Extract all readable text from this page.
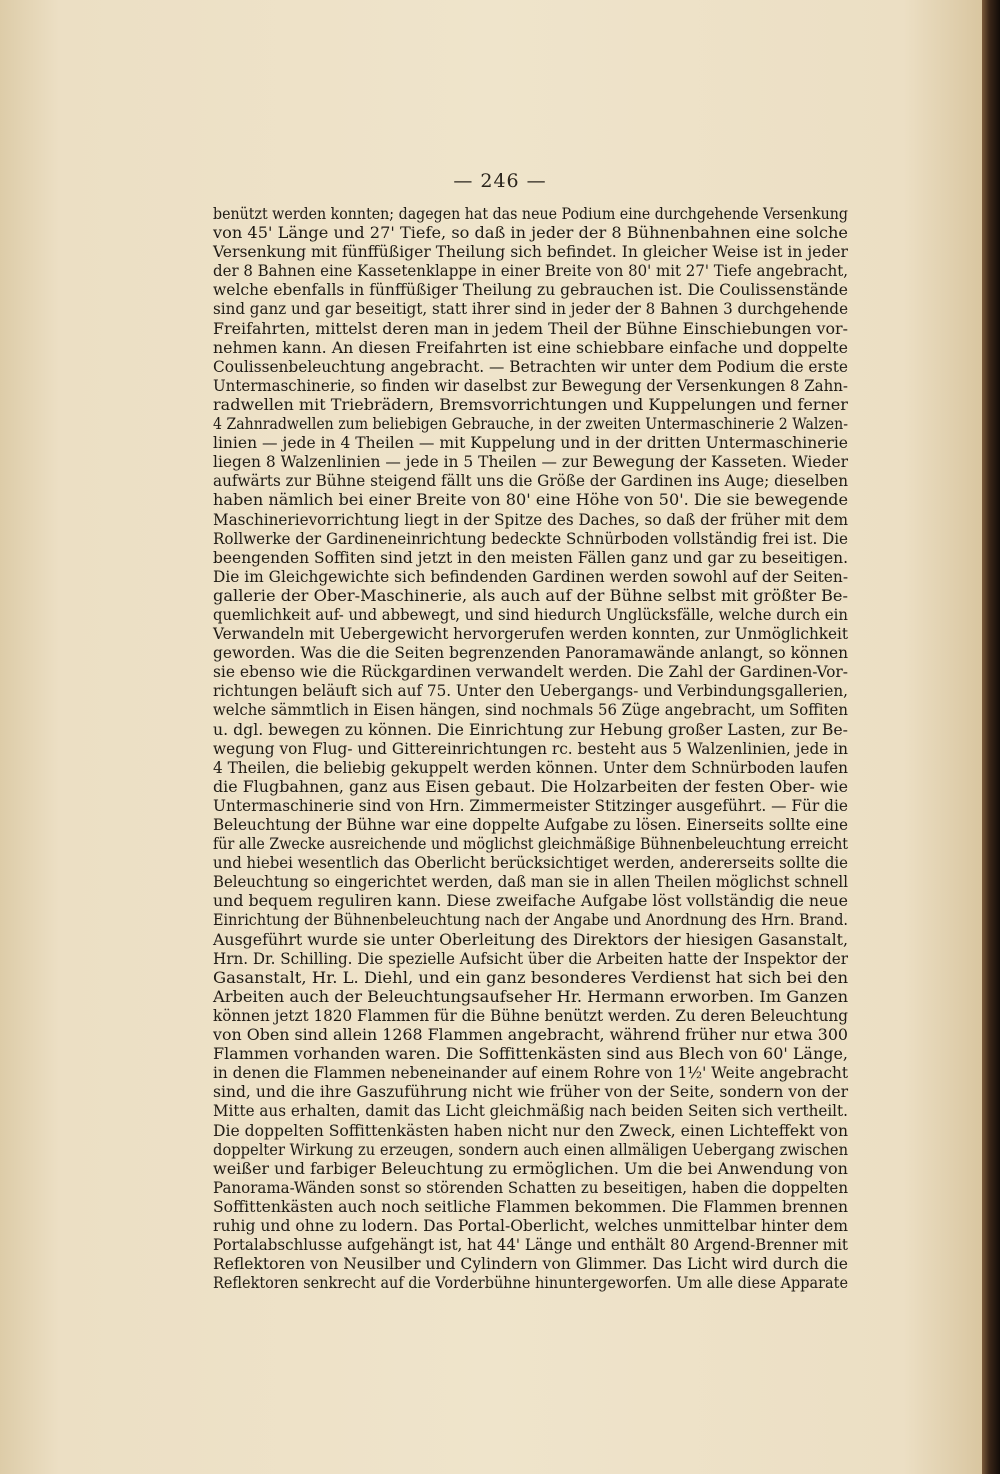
— 246 —
benützt werden konnten; dagegen hat das neue Podium eine durchgehende Versenkung
von 45' Länge und 27' Tiefe, so daß in jeder der 8 Bühnenbahnen eine solche
Versenkung mit fünffüßiger Theilung sich befindet. In gleicher Weise ist in jeder
der 8 Bahnen eine Kassetenklappe in einer Breite von 80' mit 27' Tiefe angebracht,
welche ebenfalls in fünffüßiger Theilung zu gebrauchen ist. Die Coulissenständе
sind ganz und gar beseitigt, statt ihrer sind in jeder der 8 Bahnen 3 durchgehende
Freifahrten, mittelst deren man in jedem Theil der Bühne Einschiebungen vor-
nehmen kann. An diesen Freifahrten ist eine schiebbare einfache und doppelte
Coulissenbeleuchtung angebracht. — Betrachten wir unter dem Podium die erste
Untermaschinerie, so finden wir daselbst zur Bewegung der Versenkungen 8 Zahn-
radwellen mit Triebrädern, Bremsvorrichtungen und Kuppelungen und ferner
4 Zahnradwellen zum beliebigen Gebrauche, in der zweiten Untermaschinerie 2 Walzen-
linien — jede in 4 Theilen — mit Kuppelung und in der dritten Untermaschinerie
liegen 8 Walzenlinien — jede in 5 Theilen — zur Bewegung der Kasseten. Wieder
aufwärts zur Bühne steigend fällt uns die Größe der Gardinen ins Auge; dieselben
haben nämlich bei einer Breite von 80' eine Höhe von 50'. Die sie bewegende
Maschinerievorrichtung liegt in der Spitze des Daches, so daß der früher mit dem
Rollwerke der Gardineneinrichtung bedeckte Schnürboden vollständig frei ist. Die
beengenden Soffiten sind jetzt in den meisten Fällen ganz und gar zu beseitigen.
Die im Gleichgewichte sich befindenden Gardinen werden sowohl auf der Seiten-
gallerie der Ober-Maschinerie, als auch auf der Bühne selbst mit größter Be-
quemlichkeit auf- und abbewegt, und sind hiedurch Unglücksfälle, welche durch ein
Verwandeln mit Uebergewicht hervorgerufen werden konnten, zur Unmöglichkeit
geworden. Was die die Seiten begrenzenden Panoramawände anlangt, so können
sie ebenso wie die Rückgardinen verwandelt werden. Die Zahl der Gardinen-Vor-
richtungen beläuft sich auf 75. Unter den Uebergangs- und Verbindungsgallerien,
welche sämmtlich in Eisen hängen, sind nochmals 56 Züge angebracht, um Soffiten
u. dgl. bewegen zu können. Die Einrichtung zur Hebung großer Lasten, zur Be-
wegung von Flug- und Gittereinrichtungen rc. besteht aus 5 Walzenlinien, jede in
4 Theilen, die beliebig gekuppelt werden können. Unter dem Schnürboden laufen
die Flugbahnen, ganz aus Eisen gebaut. Die Holzarbeiten der festen Ober- wie
Untermaschinerie sind von Hrn. Zimmermeister Stitzinger ausgeführt. — Für die
Beleuchtung der Bühne war eine doppelte Aufgabe zu lösen. Einerseits sollte eine
für alle Zwecke ausreichende und möglichst gleichmäßige Bühnenbeleuchtung erreicht
und hiebei wesentlich das Oberlicht berücksichtiget werden, andererseits sollte die
Beleuchtung so eingerichtet werden, daß man sie in allen Theilen möglichst schnell
und bequem reguliren kann. Diese zweifache Aufgabe löst vollständig die neue
Einrichtung der Bühnenbeleuchtung nach der Angabe und Anordnung des Hrn. Brand.
Ausgeführt wurde sie unter Oberleitung des Direktors der hiesigen Gasanstalt,
Hrn. Dr. Schilling. Die spezielle Aufsicht über die Arbeiten hatte der Inspektor der
Gasanstalt, Hr. L. Diehl, und ein ganz besonderes Verdienst hat sich bei den
Arbeiten auch der Beleuchtungsaufseher Hr. Hermann erworben. Im Ganzen
können jetzt 1820 Flammen für die Bühne benützt werden. Zu deren Beleuchtung
von Oben sind allein 1268 Flammen angebracht, während früher nur etwa 300
Flammen vorhanden waren. Die Soffittenkästen sind aus Blech von 60' Länge,
in denen die Flammen nebeneinander auf einem Rohre von 1½' Weite angebracht
sind, und die ihre Gaszuführung nicht wie früher von der Seite, sondern von der
Mitte aus erhalten, damit das Licht gleichmäßig nach beiden Seiten sich vertheilt.
Die doppelten Soffittenkästen haben nicht nur den Zweck, einen Lichteffekt von
doppelter Wirkung zu erzeugen, sondern auch einen allmäligen Uebergang zwischen
weißer und farbiger Beleuchtung zu ermöglichen. Um die bei Anwendung von
Panorama-Wänden sonst so störenden Schatten zu beseitigen, haben die doppelten
Soffittenkästen auch noch seitliche Flammen bekommen. Die Flammen brennen
ruhig und ohne zu lodern. Das Portal-Oberlicht, welches unmittelbar hinter dem
Portalabschlusse aufgehängt ist, hat 44' Länge und enthält 80 Argend-Brenner mit
Reflektoren von Neusilber und Cylindern von Glimmer. Das Licht wird durch die
Reflektoren senkrecht auf die Vorderbühne hinuntergeworfen. Um alle diese Apparate
